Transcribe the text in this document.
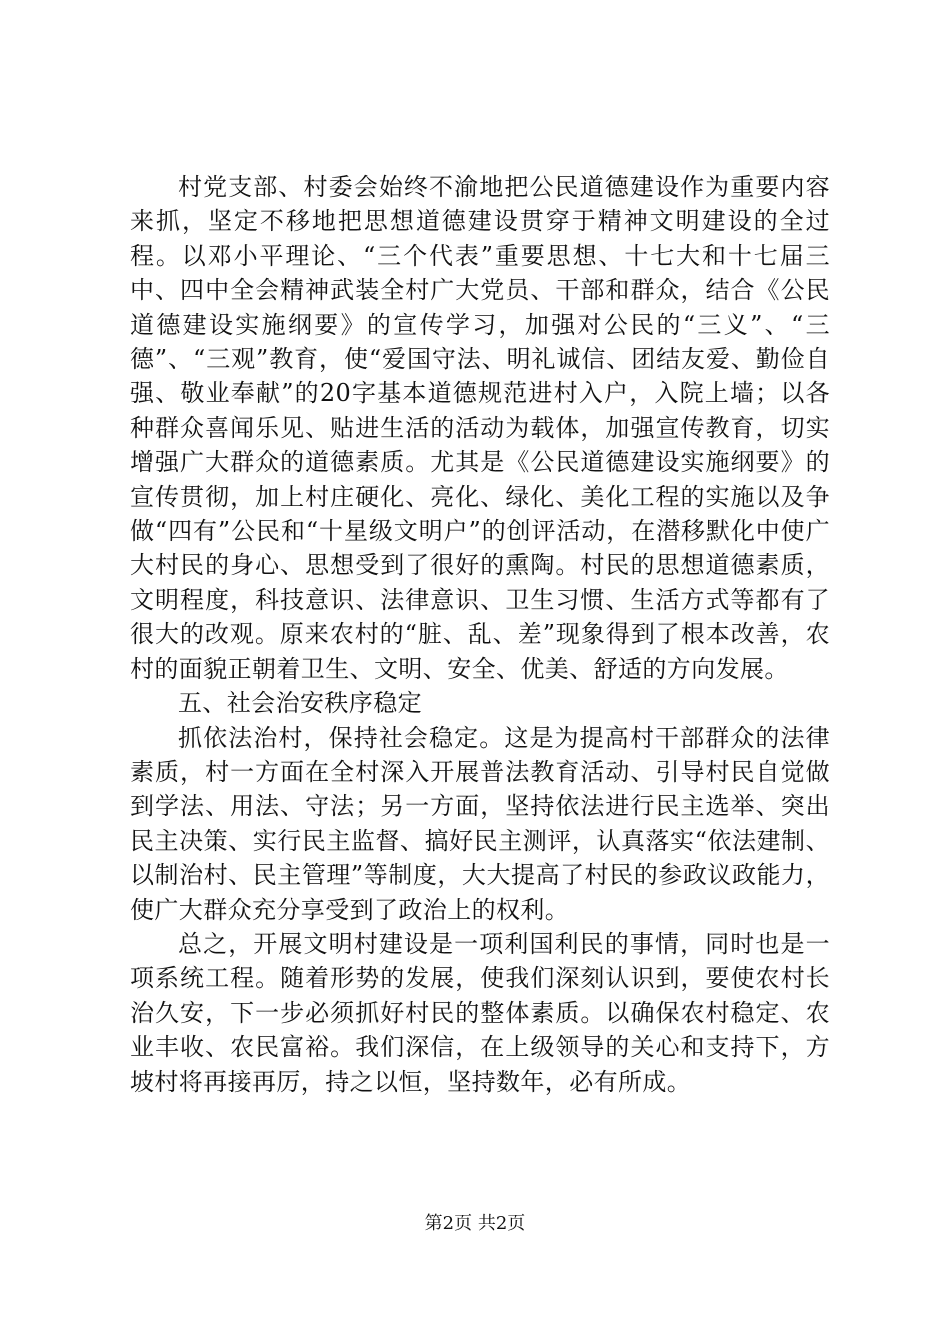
村党支部、村委会始终不渝地把公民道德建设作为重要内容来抓，坚定不移地把思想道德建设贯穿于精神文明建设的全过程。以邓小平理论、“三个代表”重要思想、十七大和十七届三中、四中全会精神武装全村广大党员、干部和群众，结合《公民道德建设实施纲要》的宣传学习，加强对公民的“三义”、“三德”、“三观”教育，使“爱国守法、明礼诚信、团结友爱、勤俭自强、敬业奉献”的20字基本道德规范进村入户，入院上墙；以各种群众喜闻乐见、贴进生活的活动为载体，加强宣传教育，切实增强广大群众的道德素质。尤其是《公民道德建设实施纲要》的宣传贯彻，加上村庄硬化、亮化、绿化、美化工程的实施以及争做“四有”公民和“十星级文明户”的创评活动，在潜移默化中使广大村民的身心、思想受到了很好的熏陶。村民的思想道德素质，文明程度，科技意识、法律意识、卫生习惯、生活方式等都有了很大的改观。原来农村的“脏、乱、差”现象得到了根本改善，农村的面貌正朝着卫生、文明、安全、优美、舒适的方向发展。

五、社会治安秩序稳定

抓依法治村，保持社会稳定。这是为提高村干部群众的法律素质，村一方面在全村深入开展普法教育活动、引导村民自觉做到学法、用法、守法；另一方面，坚持依法进行民主选举、突出民主决策、实行民主监督、搞好民主测评，认真落实“依法建制、以制治村、民主管理”等制度，大大提高了村民的参政议政能力，使广大群众充分享受到了政治上的权利。

总之，开展文明村建设是一项利国利民的事情，同时也是一项系统工程。随着形势的发展，使我们深刻认识到，要使农村长治久安，下一步必须抓好村民的整体素质。以确保农村稳定、农业丰收、农民富裕。我们深信，在上级领导的关心和支持下，方坡村将再接再厉，持之以恒，坚持数年，必有所成。

第2页 共2页
